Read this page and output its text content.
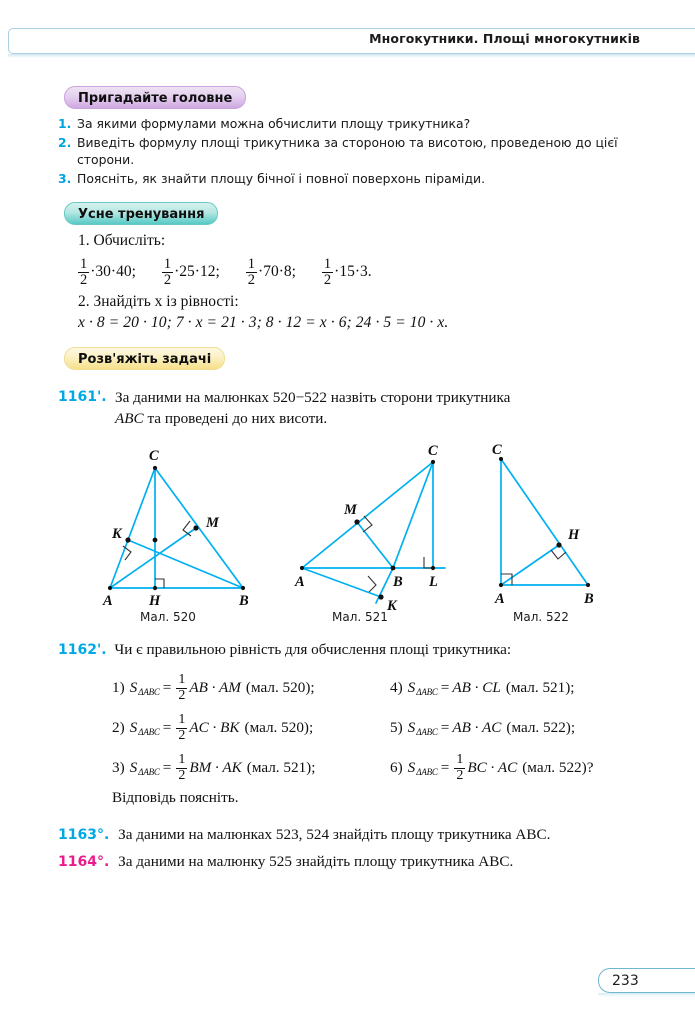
Многокутники. Площі многокутників
Пригадайте головне
1. За якими формулами можна обчислити площу трикутника?
2. Виведіть формулу площі трикутника за стороною та висотою, проведеною до цієї сторони.
3. Поясніть, як знайти площу бічної і повної поверхонь піраміди.
Усне тренування
1. Обчисліть:
$\frac{1}{2} \cdot 30\cdot 40$ ; $\frac{1}{2} \cdot 25\cdot 12$ ; $\frac{1}{2} \cdot 70\cdot 8$ ; $\frac{1}{2} \cdot 15\cdot 3$ .
2. Знайдіть x із рівності:
x · 8 = 20 · 10; 7 · x = 21 · 3; 8 · 12 = x · 6; 24 · 5 = 10 · x.
Розв'яжіть задачі
1161'. За даними на малюнках 520−522 назвіть сторони трикутника
ABC та проведені до них висоти.
A	B
C
H
M
K
A	B
C
L
M
K	A	B
C
H
Мал. 520	Мал. 521	Мал. 522
1162'. Чи є правильною рівність для обчислення площі трикутника:
1) S $\Delta ABC = \frac{1}{2}$ AB · AM (мал. 520);	4) S ΔABC = AB · CL (мал. 521);
2) S $\Delta ABC = \frac{1}{2}$ AC · BK (мал. 520);	5) S ΔABC = AB · AC (мал. 522);
3) S $\Delta ABC = \frac{1}{2}$ BM · AK (мал. 521);	6) S $\Delta ABC = \frac{1}{2}$ BC · AC (мал. 522)?
Відповідь поясніть.
1163°. За даними на малюнках 523, 524 знайдіть площу трикутника ABC.
1164°. За даними на малюнку 525 знайдіть площу трикутника ABC.
233
